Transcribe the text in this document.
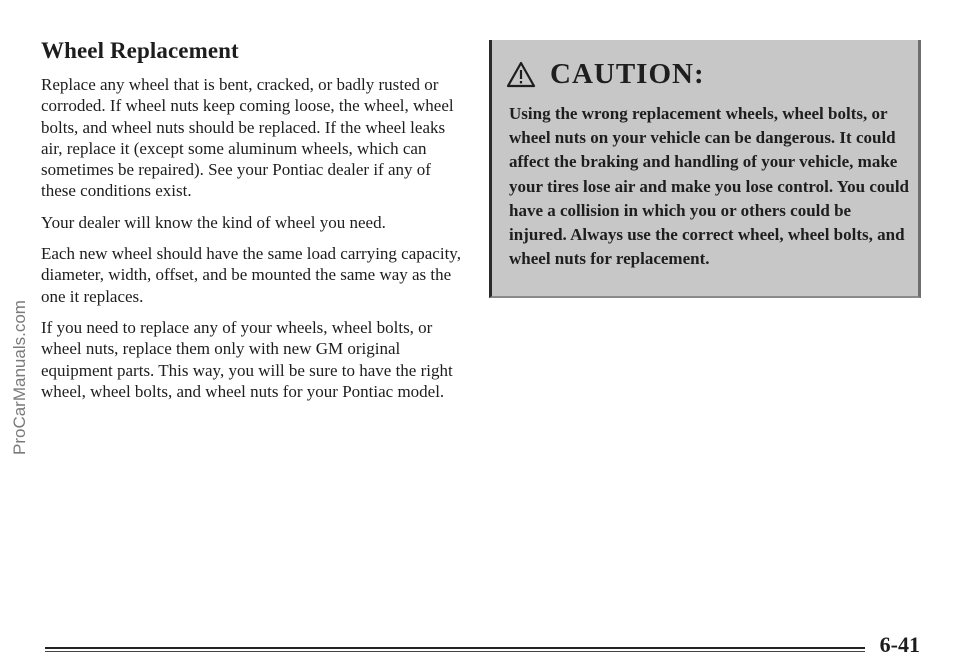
Wheel Replacement

Replace any wheel that is bent, cracked, or badly rusted or corroded. If wheel nuts keep coming loose, the wheel, wheel bolts, and wheel nuts should be replaced. If the wheel leaks air, replace it (except some aluminum wheels, which can sometimes be repaired). See your Pontiac dealer if any of these conditions exist.

Your dealer will know the kind of wheel you need.

Each new wheel should have the same load carrying capacity, diameter, width, offset, and be mounted the same way as the one it replaces.

If you need to replace any of your wheels, wheel bolts, or wheel nuts, replace them only with new GM original equipment parts. This way, you will be sure to have the right wheel, wheel bolts, and wheel nuts for your Pontiac model.

CAUTION:

Using the wrong replacement wheels, wheel bolts, or wheel nuts on your vehicle can be dangerous. It could affect the braking and handling of your vehicle, make your tires lose air and make you lose control. You could have a collision in which you or others could be injured. Always use the correct wheel, wheel bolts, and wheel nuts for replacement.

6-41
ProCarManuals.com
